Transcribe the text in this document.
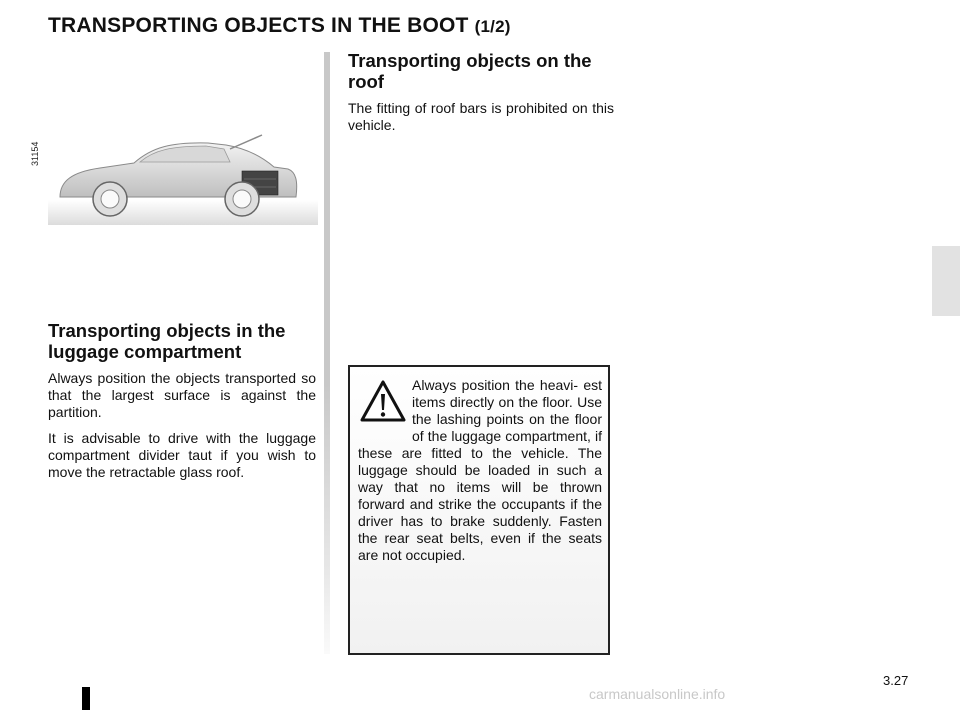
TRANSPORTING OBJECTS IN THE BOOT (1/2)
31154
Transporting objects in the
luggage compartment

Always position the objects transported so that the largest surface is against the partition.

It is advisable to drive with the luggage compartment divider taut if you wish to move the retractable glass roof.

Transporting objects on the
roof

The fitting of roof bars is prohibited on this vehicle.

Always position the heavi- est items directly on the floor. Use the lashing points on the floor of the luggage compartment, if these are fitted to the vehicle. The luggage should be loaded in such a way that no items will be thrown forward and strike the occupants if the driver has to brake suddenly. Fasten the rear seat belts, even if the seats are not occupied.

3.27
carmanualsonline.info
